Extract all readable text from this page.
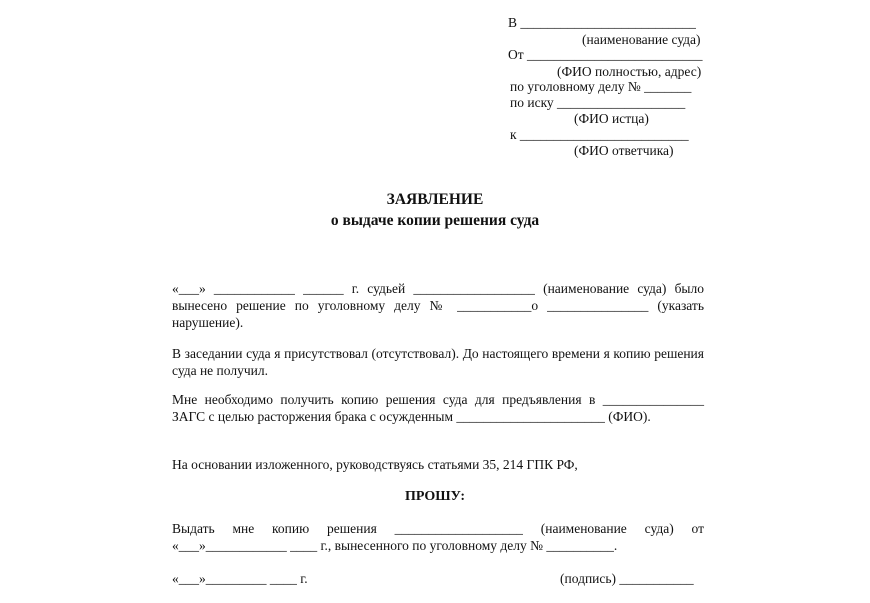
В __________________________
(наименование суда)
От __________________________
(ФИО полностью, адрес)
по уголовному делу № _______
по иску ___________________
(ФИО истца)
к _________________________
(ФИО ответчика)
ЗАЯВЛЕНИЕ
о выдаче копии решения суда
«___» ____________ ______ г. судьей __________________ (наименование суда) было вынесено решение по уголовному делу № ___________о _______________ (указать нарушение).
В заседании суда я присутствовал (отсутствовал). До настоящего времени я копию решения суда не получил.
Мне необходимо получить копию решения суда для предъявления в _______________ ЗАГС с целью расторжения брака с осужденным ______________________ (ФИО).
На основании изложенного, руководствуясь статьями 35, 214 ГПК РФ,
ПРОШУ:
Выдать мне копию решения ___________________ (наименование суда) от «___»____________ ____ г., вынесенного по уголовному делу № __________.
«___»_________ ____ г.	(подпись) ___________
